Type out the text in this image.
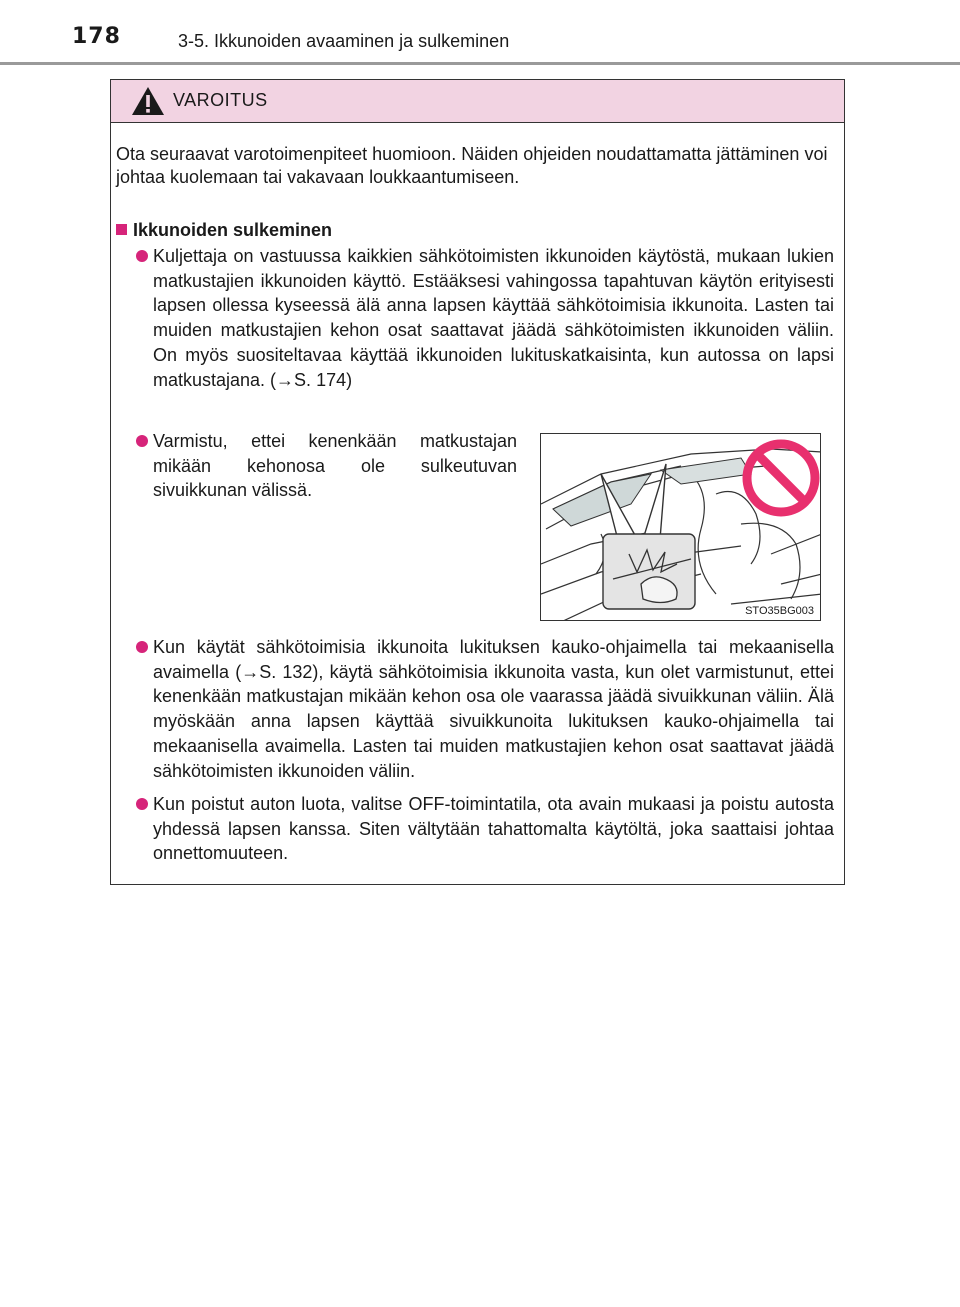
178	3-5. Ikkunoiden avaaminen ja sulkeminen
VAROITUS
Ota seuraavat varotoimenpiteet huomioon. Näiden ohjeiden noudattamatta jättäminen voi johtaa kuolemaan tai vakavaan loukkaantumiseen.
Ikkunoiden sulkeminen
Kuljettaja on vastuussa kaikkien sähkötoimisten ikkunoiden käytöstä, mukaan lukien matkustajien ikkunoiden käyttö. Estääksesi vahingossa tapahtuvan käytön erityisesti lapsen ollessa kyseessä älä anna lapsen käyttää sähkötoimisia ikkunoita. Lasten tai muiden matkustajien kehon osat saattavat jäädä sähkötoimisten ikkunoiden väliin. On myös suositeltavaa käyttää ikkunoiden lukituskatkaisinta, kun autossa on lapsi matkustajana. (→S. 174)
Varmistu, ettei kenenkään matkustajan mikään kehonosa ole sulkeutuvan sivuikkunan välissä.
STO35BG003
Kun käytät sähkötoimisia ikkunoita lukituksen kauko-ohjaimella tai mekaanisella avaimella (→S. 132), käytä sähkötoimisia ikkunoita vasta, kun olet varmistunut, ettei kenenkään matkustajan mikään kehon osa ole vaarassa jäädä sivuikkunan väliin. Älä myöskään anna lapsen käyttää sivuikkunoita lukituksen kauko-ohjaimella tai mekaanisella avaimella. Lasten tai muiden matkustajien kehon osat saattavat jäädä sähkötoimisten ikkunoiden väliin.
Kun poistut auton luota, valitse OFF-toimintatila, ota avain mukaasi ja poistu autosta yhdessä lapsen kanssa. Siten vältytään tahattomalta käytöltä, joka saattaisi johtaa onnettomuuteen.
